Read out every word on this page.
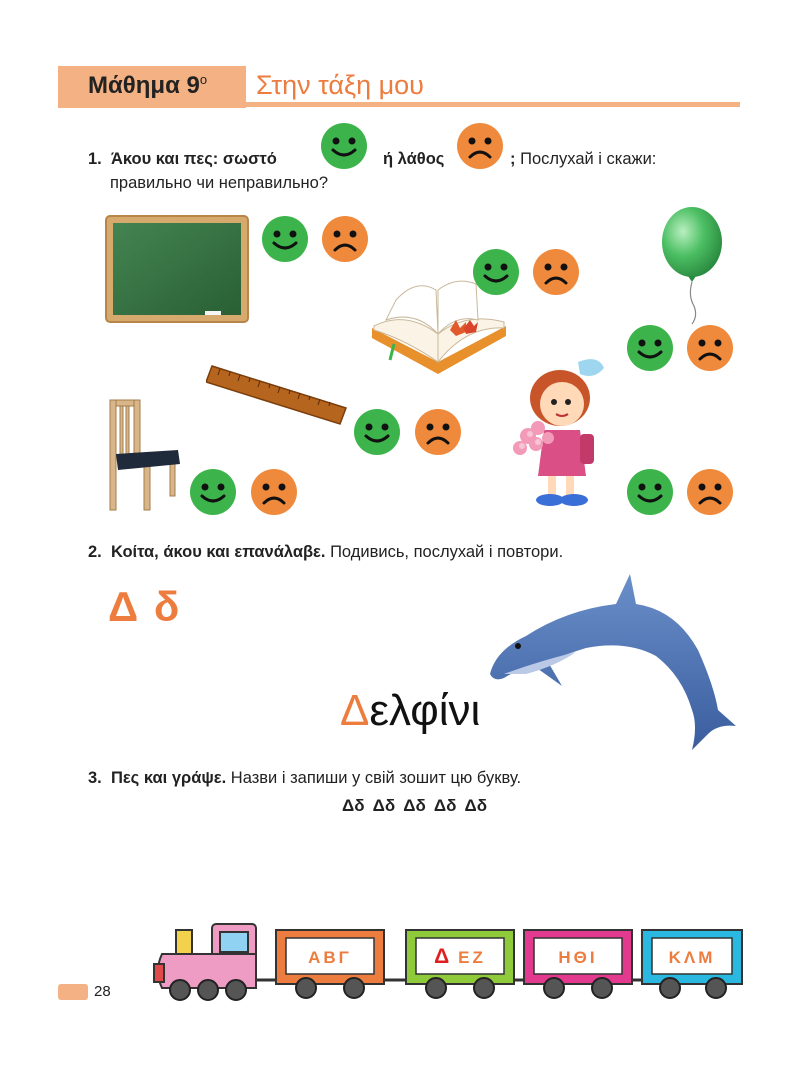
Μάθημα $9^o$ Στην τάξη μου
1. Άκου και πες: σωστό	ή λάθος	; Послухай і скажи:
правильно чи неправильно?
2. Κοίτα, άκου και επανάλαβε. Подивись, послухай і повтори.
Δ δ
Δελφίνι
3. Πες και γράψε. Назви і запиши у свій зошит цю букву.
Δδ Δδ Δδ Δδ Δδ
ΑΒΓ	Δ ΕΖ	ΗΘΙ	ΚΛΜ
28
